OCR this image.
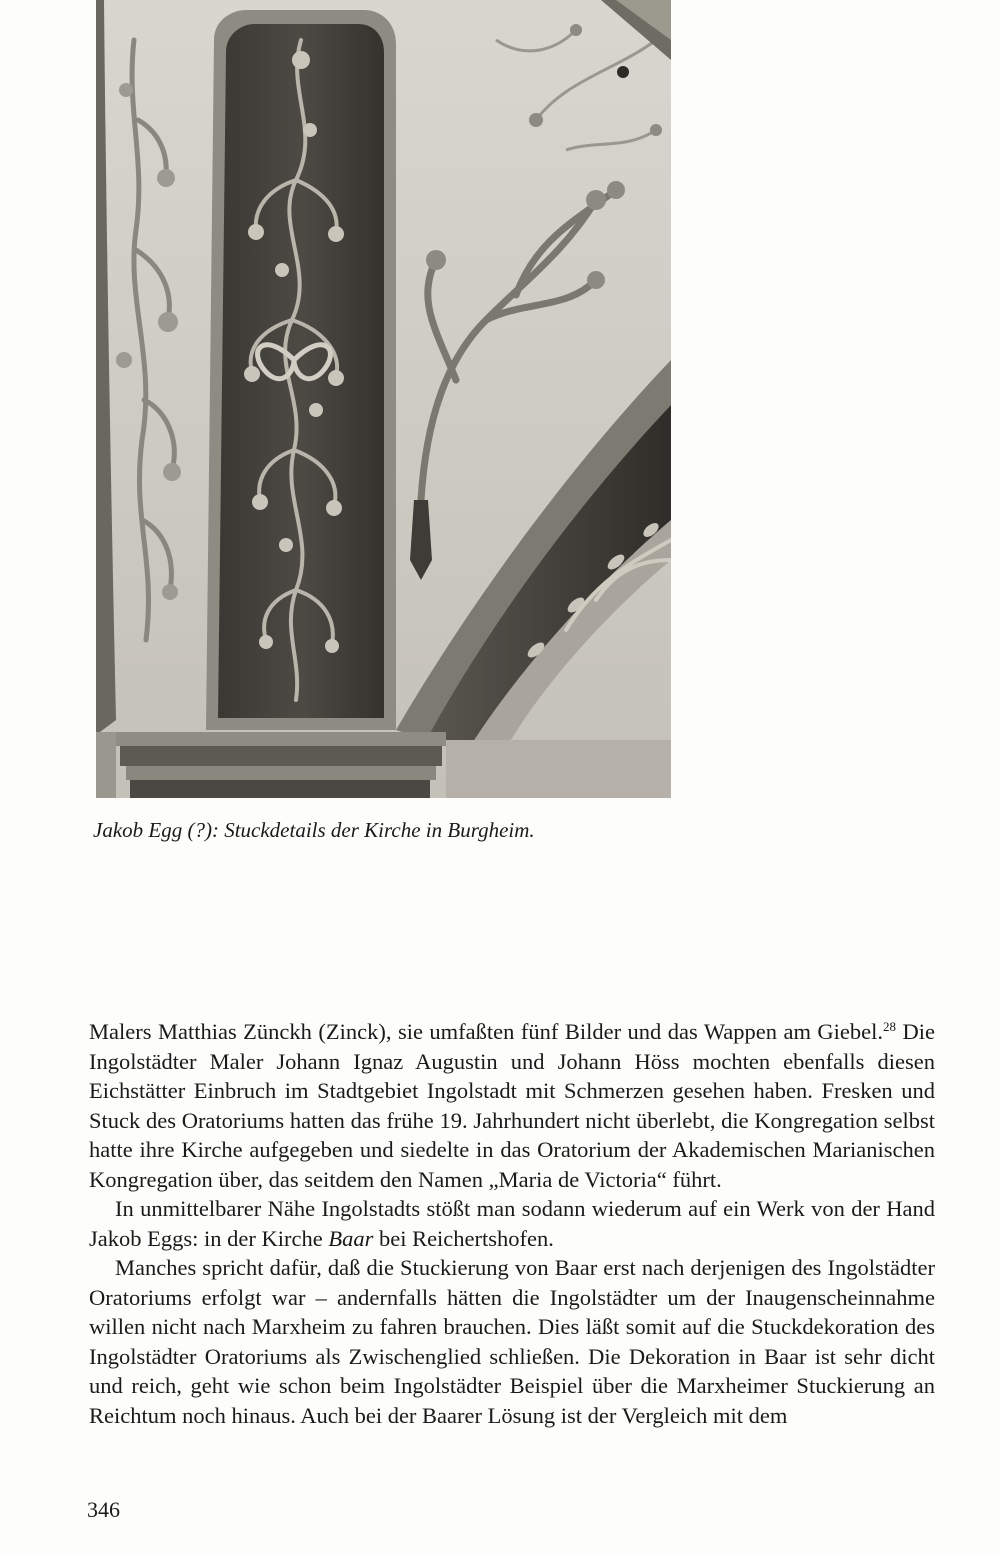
Jakob Egg (?): Stuckdetails der Kirche in Burgheim.

Malers Matthias Zünckh (Zinck), sie umfaßten fünf Bilder und das Wappen am Giebel.$^{28}$ Die Ingolstädter Maler Johann Ignaz Augustin und Johann Höss mochten ebenfalls diesen Eichstätter Einbruch im Stadtgebiet Ingolstadt mit Schmerzen gesehen haben. Fresken und Stuck des Oratoriums hatten das frühe 19. Jahrhundert nicht überlebt, die Kongregation selbst hatte ihre Kirche aufgegeben und siedelte in das Oratorium der Akademischen Marianischen Kongregation über, das seitdem den Namen „Maria de Victoria“ führt.

In unmittelbarer Nähe Ingolstadts stößt man sodann wiederum auf ein Werk von der Hand Jakob Eggs: in der Kirche Baar bei Reichertshofen.

Manches spricht dafür, daß die Stuckierung von Baar erst nach derjenigen des Ingolstädter Oratoriums erfolgt war – andernfalls hätten die Ingolstädter um der Inaugenscheinnahme willen nicht nach Marxheim zu fahren brauchen. Dies läßt somit auf die Stuckdekoration des Ingolstädter Oratoriums als Zwischenglied schließen. Die Dekoration in Baar ist sehr dicht und reich, geht wie schon beim Ingolstädter Beispiel über die Marxheimer Stuckierung an Reichtum noch hinaus. Auch bei der Baarer Lösung ist der Vergleich mit dem

346
